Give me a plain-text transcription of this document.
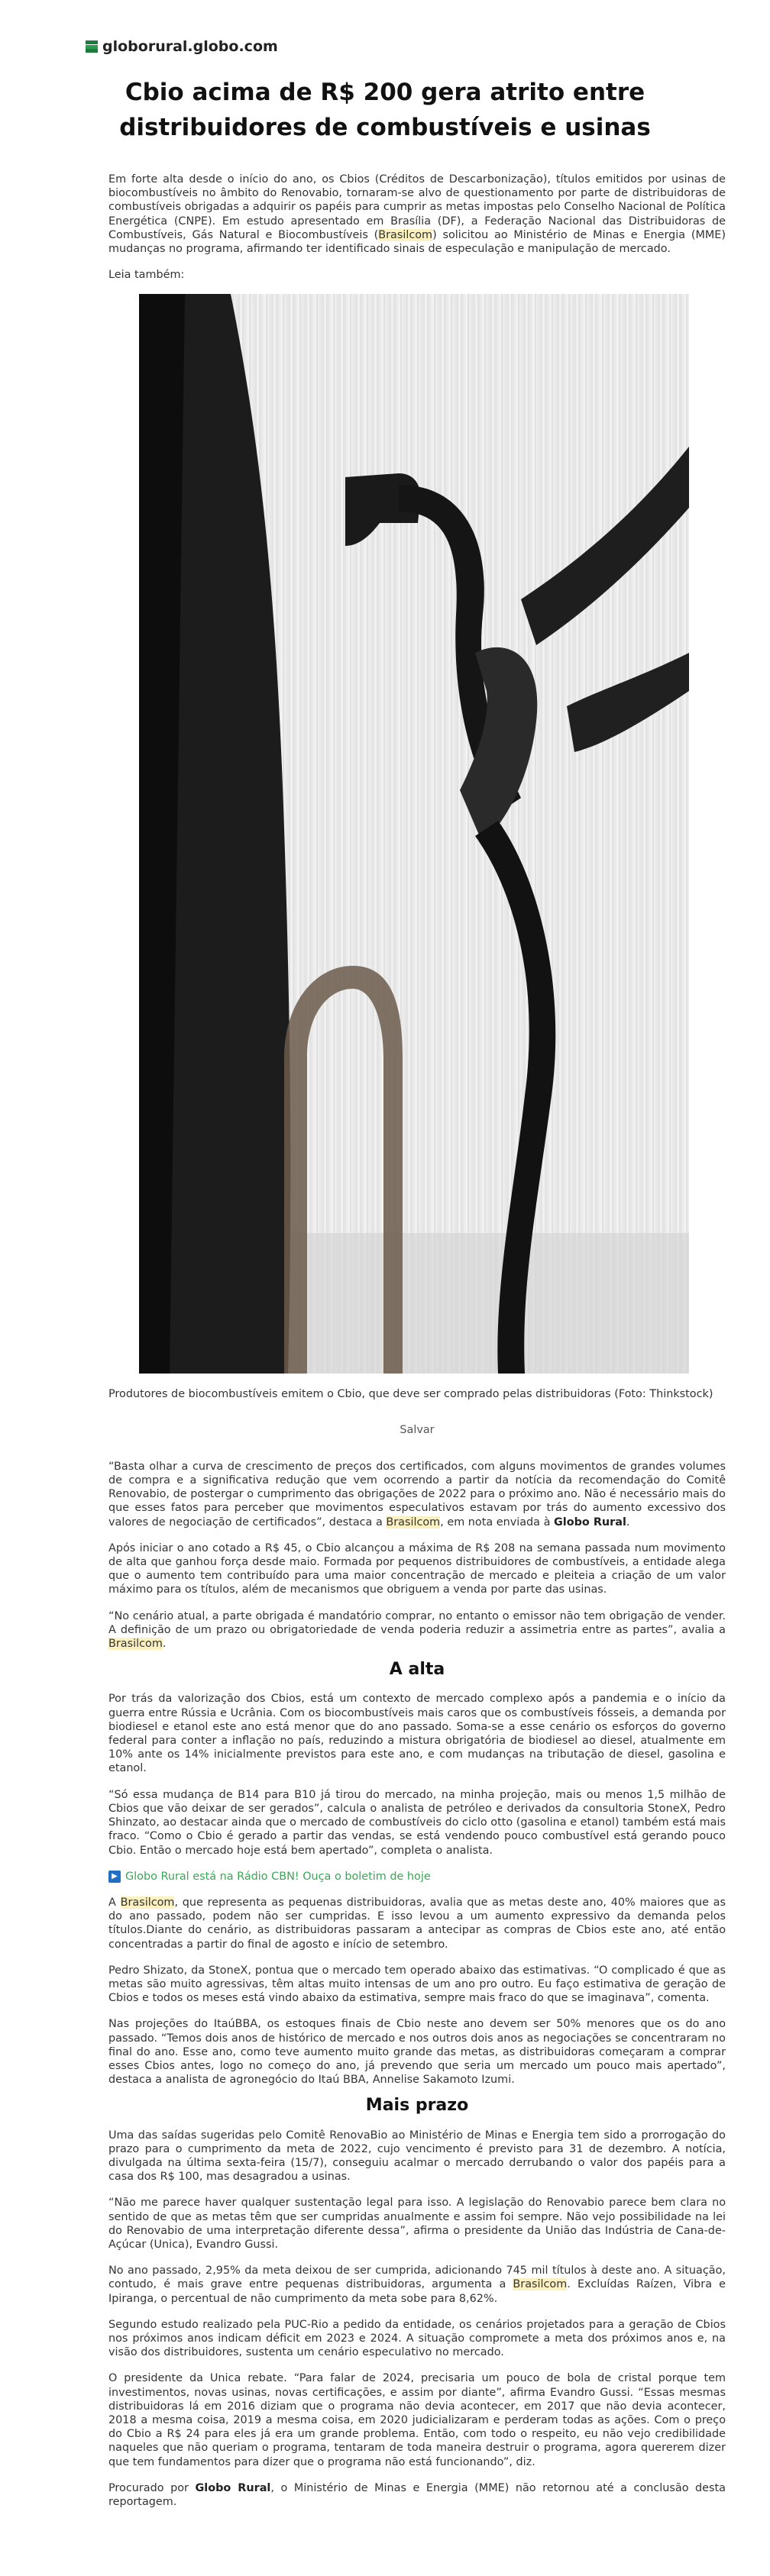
globorural.globo.com
Cbio acima de R$ 200 gera atrito entre distribuidores de combustíveis e usinas

Em forte alta desde o início do ano, os Cbios (Créditos de Descarbonização), títulos emitidos por usinas de biocombustíveis no âmbito do Renovabio, tornaram-se alvo de questionamento por parte de distribuidoras de combustíveis obrigadas a adquirir os papéis para cumprir as metas impostas pelo Conselho Nacional de Política Energética (CNPE). Em estudo apresentado em Brasília (DF), a Federação Nacional das Distribuidoras de Combustíveis, Gás Natural e Biocombustíveis (Brasilcom) solicitou ao Ministério de Minas e Energia (MME) mudanças no programa, afirmando ter identificado sinais de especulação e manipulação de mercado.

Leia também:

Produtores de biocombustíveis emitem o Cbio, que deve ser comprado pelas distribuidoras (Foto: Thinkstock)

Salvar

“Basta olhar a curva de crescimento de preços dos certificados, com alguns movimentos de grandes volumes de compra e a significativa redução que vem ocorrendo a partir da notícia da recomendação do Comitê Renovabio, de postergar o cumprimento das obrigações de 2022 para o próximo ano. Não é necessário mais do que esses fatos para perceber que movimentos especulativos estavam por trás do aumento excessivo dos valores de negociação de certificados”, destaca a Brasilcom, em nota enviada à Globo Rural.

Após iniciar o ano cotado a R$ 45, o Cbio alcançou a máxima de R$ 208 na semana passada num movimento de alta que ganhou força desde maio. Formada por pequenos distribuidores de combustíveis, a entidade alega que o aumento tem contribuído para uma maior concentração de mercado e pleiteia a criação de um valor máximo para os títulos, além de mecanismos que obriguem a venda por parte das usinas.

“No cenário atual, a parte obrigada é mandatório comprar, no entanto o emissor não tem obrigação de vender. A definição de um prazo ou obrigatoriedade de venda poderia reduzir a assimetria entre as partes”, avalia a Brasilcom.

A alta

Por trás da valorização dos Cbios, está um contexto de mercado complexo após a pandemia e o início da guerra entre Rússia e Ucrânia. Com os biocombustíveis mais caros que os combustíveis fósseis, a demanda por biodiesel e etanol este ano está menor que do ano passado. Soma-se a esse cenário os esforços do governo federal para conter a inflação no país, reduzindo a mistura obrigatória de biodiesel ao diesel, atualmente em 10% ante os 14% inicialmente previstos para este ano, e com mudanças na tributação de diesel, gasolina e etanol.

“Só essa mudança de B14 para B10 já tirou do mercado, na minha projeção, mais ou menos 1,5 milhão de Cbios que vão deixar de ser gerados”, calcula o analista de petróleo e derivados da consultoria StoneX, Pedro Shinzato, ao destacar ainda que o mercado de combustíveis do ciclo otto (gasolina e etanol) também está mais fraco. “Como o Cbio é gerado a partir das vendas, se está vendendo pouco combustível está gerando pouco Cbio. Então o mercado hoje está bem apertado”, completa o analista.

▶ Globo Rural está na Rádio CBN! Ouça o boletim de hoje

A Brasilcom, que representa as pequenas distribuidoras, avalia que as metas deste ano, 40% maiores que as do ano passado, podem não ser cumpridas. E isso levou a um aumento expressivo da demanda pelos títulos.Diante do cenário, as distribuidoras passaram a antecipar as compras de Cbios este ano, até então concentradas a partir do final de agosto e início de setembro.

Pedro Shizato, da StoneX, pontua que o mercado tem operado abaixo das estimativas. “O complicado é que as metas são muito agressivas, têm altas muito intensas de um ano pro outro. Eu faço estimativa de geração de Cbios e todos os meses está vindo abaixo da estimativa, sempre mais fraco do que se imaginava”, comenta.

Nas projeções do ItaúBBA, os estoques finais de Cbio neste ano devem ser 50% menores que os do ano passado. “Temos dois anos de histórico de mercado e nos outros dois anos as negociações se concentraram no final do ano. Esse ano, como teve aumento muito grande das metas, as distribuidoras começaram a comprar esses Cbios antes, logo no começo do ano, já prevendo que seria um mercado um pouco mais apertado”, destaca a analista de agronegócio do Itaú BBA, Annelise Sakamoto Izumi.

Mais prazo

Uma das saídas sugeridas pelo Comitê RenovaBio ao Ministério de Minas e Energia tem sido a prorrogação do prazo para o cumprimento da meta de 2022, cujo vencimento é previsto para 31 de dezembro. A notícia, divulgada na última sexta-feira (15/7), conseguiu acalmar o mercado derrubando o valor dos papéis para a casa dos R$ 100, mas desagradou a usinas.

“Não me parece haver qualquer sustentação legal para isso. A legislação do Renovabio parece bem clara no sentido de que as metas têm que ser cumpridas anualmente e assim foi sempre. Não vejo possibilidade na lei do Renovabio de uma interpretação diferente dessa”, afirma o presidente da União das Indústria de Cana-de-Açúcar (Unica), Evandro Gussi.

No ano passado, 2,95% da meta deixou de ser cumprida, adicionando 745 mil títulos à deste ano. A situação, contudo, é mais grave entre pequenas distribuidoras, argumenta a Brasilcom. Excluídas Raízen, Vibra e Ipiranga, o percentual de não cumprimento da meta sobe para 8,62%.

Segundo estudo realizado pela PUC-Rio a pedido da entidade, os cenários projetados para a geração de Cbios nos próximos anos indicam déficit em 2023 e 2024. A situação compromete a meta dos próximos anos e, na visão dos distribuidores, sustenta um cenário especulativo no mercado.

O presidente da Unica rebate. “Para falar de 2024, precisaria um pouco de bola de cristal porque tem investimentos, novas usinas, novas certificações, e assim por diante”, afirma Evandro Gussi. “Essas mesmas distribuidoras lá em 2016 diziam que o programa não devia acontecer, em 2017 que não devia acontecer, 2018 a mesma coisa, 2019 a mesma coisa, em 2020 judicializaram e perderam todas as ações. Com o preço do Cbio a R$ 24 para eles já era um grande problema. Então, com todo o respeito, eu não vejo credibilidade naqueles que não queriam o programa, tentaram de toda maneira destruir o programa, agora quererem dizer que tem fundamentos para dizer que o programa não está funcionando”, diz.

Procurado por Globo Rural, o Ministério de Minas e Energia (MME) não retornou até a conclusão desta reportagem.
